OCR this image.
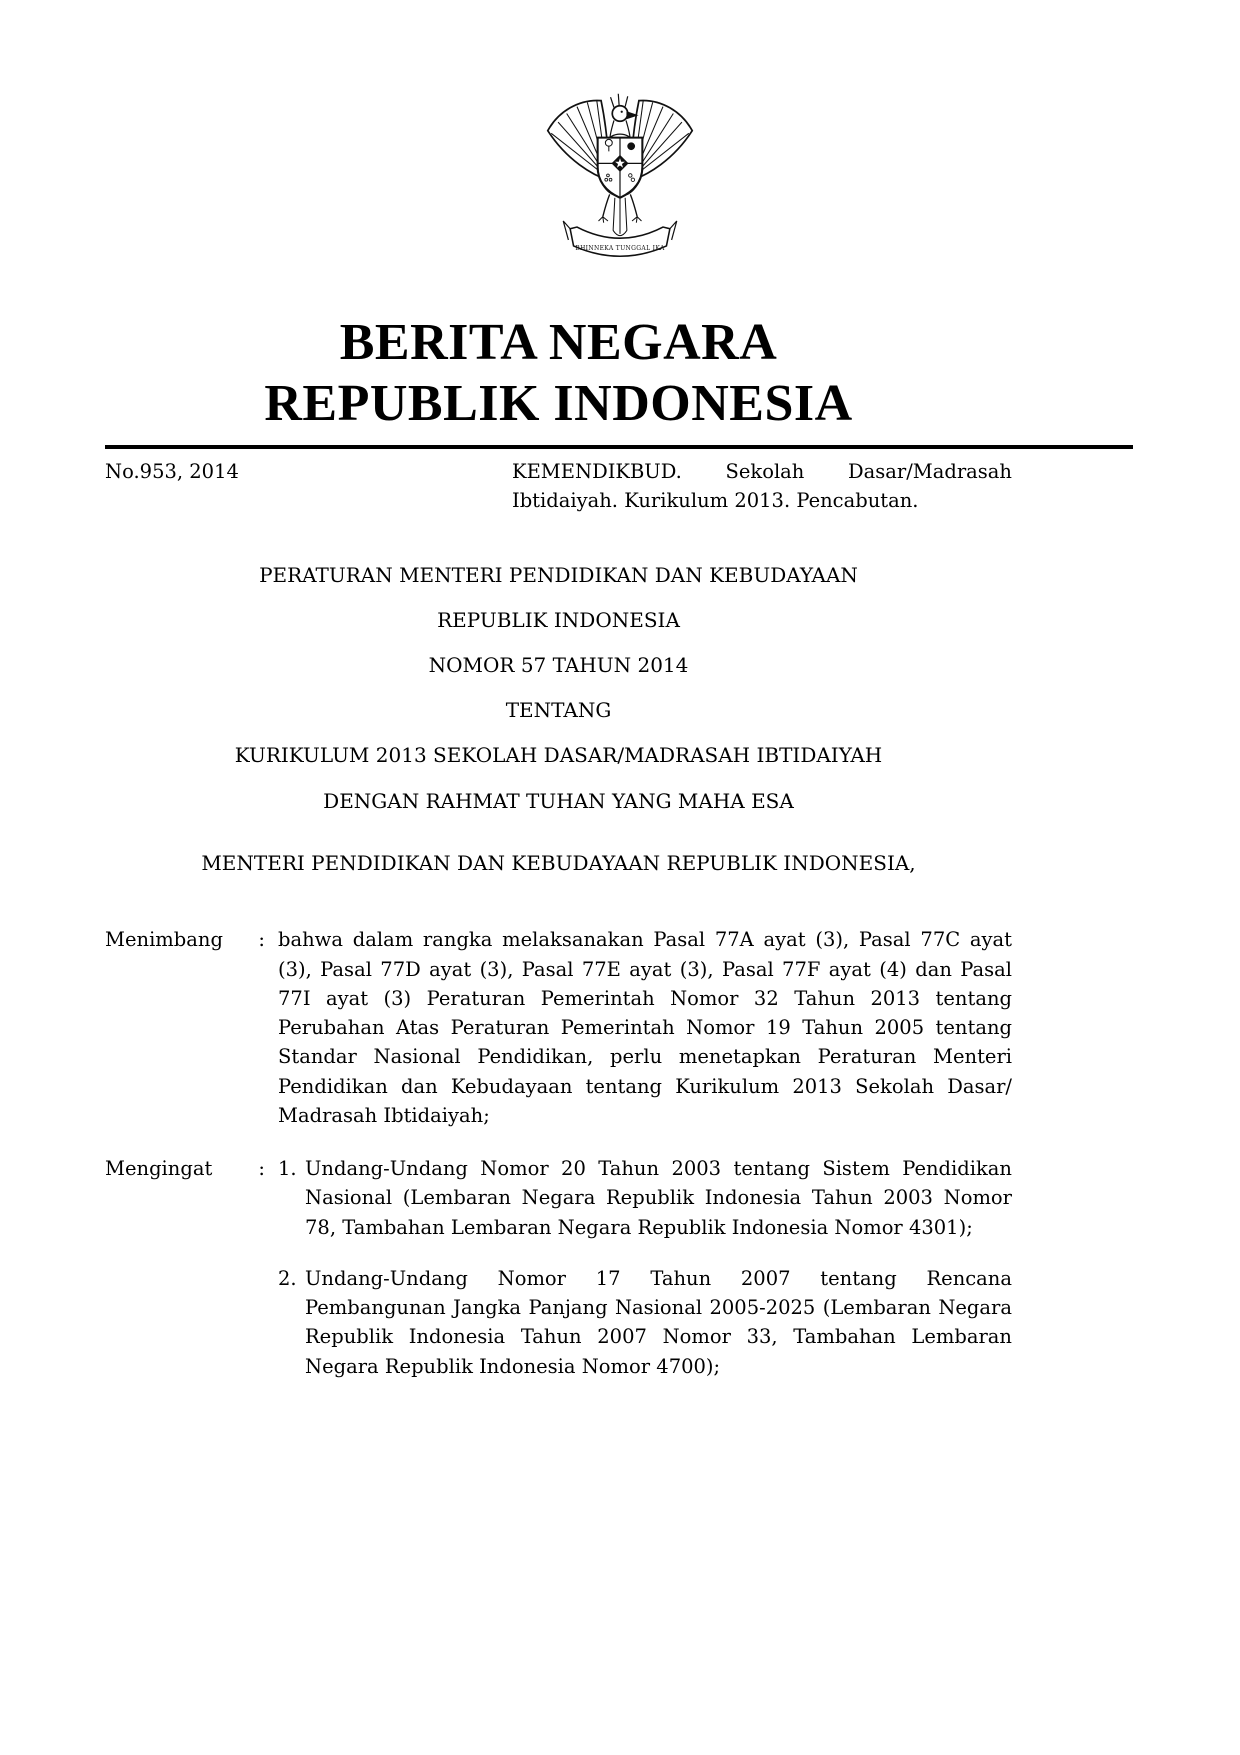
BHINNEKA TUNGGAL IKA
BERITA NEGARA
REPUBLIK INDONESIA
No.953, 2014	KEMENDIKBUD. Sekolah Dasar/Madrasah Ibtidaiyah. Kurikulum 2013. Pencabutan.
PERATURAN MENTERI PENDIDIKAN DAN KEBUDAYAAN
REPUBLIK INDONESIA
NOMOR 57 TAHUN 2014
TENTANG
KURIKULUM 2013 SEKOLAH DASAR/MADRASAH IBTIDAIYAH

DENGAN RAHMAT TUHAN YANG MAHA ESA

MENTERI PENDIDIKAN DAN KEBUDAYAAN REPUBLIK INDONESIA,

Menimbang : bahwa dalam rangka melaksanakan Pasal 77A ayat (3), Pasal 77C ayat (3), Pasal 77D ayat (3), Pasal 77E ayat (3), Pasal 77F ayat (4) dan Pasal 77I ayat (3) Peraturan Pemerintah Nomor 32 Tahun 2013 tentang Perubahan Atas Peraturan Pemerintah Nomor 19 Tahun 2005 tentang Standar Nasional Pendidikan, perlu menetapkan Peraturan Menteri Pendidikan dan Kebudayaan tentang Kurikulum 2013 Sekolah Dasar/ Madrasah Ibtidaiyah;
Mengingat : 1. Undang-Undang Nomor 20 Tahun 2003 tentang Sistem Pendidikan Nasional (Lembaran Negara Republik Indonesia Tahun 2003 Nomor 78, Tambahan Lembaran Negara Republik Indonesia Nomor 4301);
2. Undang-Undang Nomor 17 Tahun 2007 tentang Rencana Pembangunan Jangka Panjang Nasional 2005-2025 (Lembaran Negara Republik Indonesia Tahun 2007 Nomor 33, Tambahan Lembaran Negara Republik Indonesia Nomor 4700);
